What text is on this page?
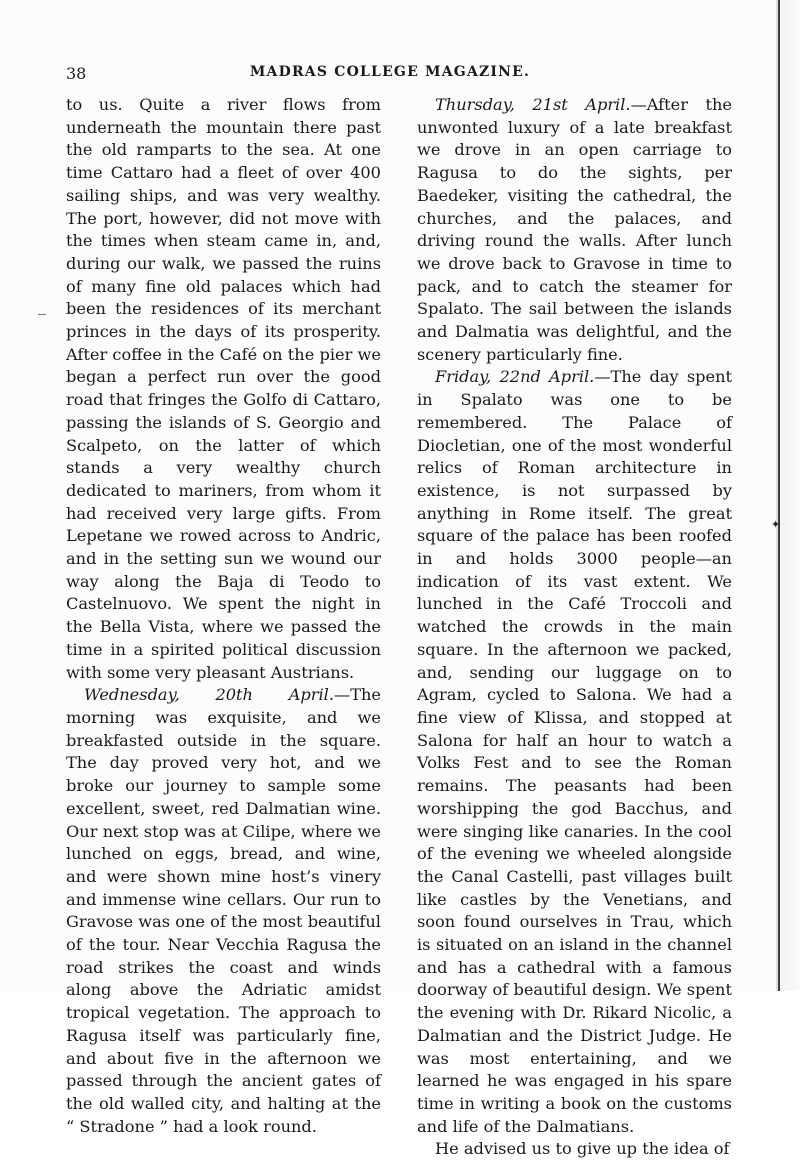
✦
38	MADRAS COLLEGE MAGAZINE.

to us. Quite a river flows from underneath the mountain there past the old ramparts to the sea. At one time Cattaro had a fleet of over 400 sailing ships, and was very wealthy. The port, however, did not move with the times when steam came in, and, during our walk, we passed the ruins of many fine old palaces which had been the residences of its merchant princes in the days of its prosperity. After coffee in the Café on the pier we began a perfect run over the good road that fringes the Golfo di Cattaro, passing the islands of S. Georgio and Scalpeto, on the latter of which stands a very wealthy church dedicated to mariners, from whom it had received very large gifts. From Lepetane we rowed across to Andric, and in the setting sun we wound our way along the Baja di Teodo to Castelnuovo. We spent the night in the Bella Vista, where we passed the time in a spirited political discussion with some very pleasant Austrians.

Wednesday, 20th April.—The morning was exquisite, and we breakfasted outside in the square. The day proved very hot, and we broke our journey to sample some excellent, sweet, red Dalmatian wine. Our next stop was at Cilipe, where we lunched on eggs, bread, and wine, and were shown mine host’s vinery and immense wine cellars. Our run to Gravose was one of the most beautiful of the tour. Near Vecchia Ragusa the road strikes the coast and winds along above the Adriatic amidst tropical vegetation. The approach to Ragusa itself was particularly fine, and about five in the afternoon we passed through the ancient gates of the old walled city, and halting at the “ Stradone ” had a look round.

Thursday, 21st April.—After the unwonted luxury of a late breakfast we drove in an open carriage to Ragusa to do the sights, per Baedeker, visiting the cathedral, the churches, and the palaces, and driving round the walls. After lunch we drove back to Gravose in time to pack, and to catch the steamer for Spalato. The sail between the islands and Dalmatia was delightful, and the scenery particularly fine.

Friday, 22nd April.—The day spent in Spalato was one to be remembered. The Palace of Diocletian, one of the most wonderful relics of Roman architecture in existence, is not surpassed by anything in Rome itself. The great square of the palace has been roofed in and holds 3000 people—an indication of its vast extent. We lunched in the Café Troccoli and watched the crowds in the main square. In the afternoon we packed, and, sending our luggage on to Agram, cycled to Salona. We had a fine view of Klissa, and stopped at Salona for half an hour to watch a Volks Fest and to see the Roman remains. The peasants had been worshipping the god Bacchus, and were singing like canaries. In the cool of the evening we wheeled alongside the Canal Castelli, past villages built like castles by the Venetians, and soon found ourselves in Trau, which is situated on an island in the channel and has a cathedral with a famous doorway of beautiful design. We spent the evening with Dr. Rikard Nicolic, a Dalmatian and the District Judge. He was most entertaining, and we learned he was engaged in his spare time in writing a book on the customs and life of the Dalmatians.

He advised us to give up the idea of
